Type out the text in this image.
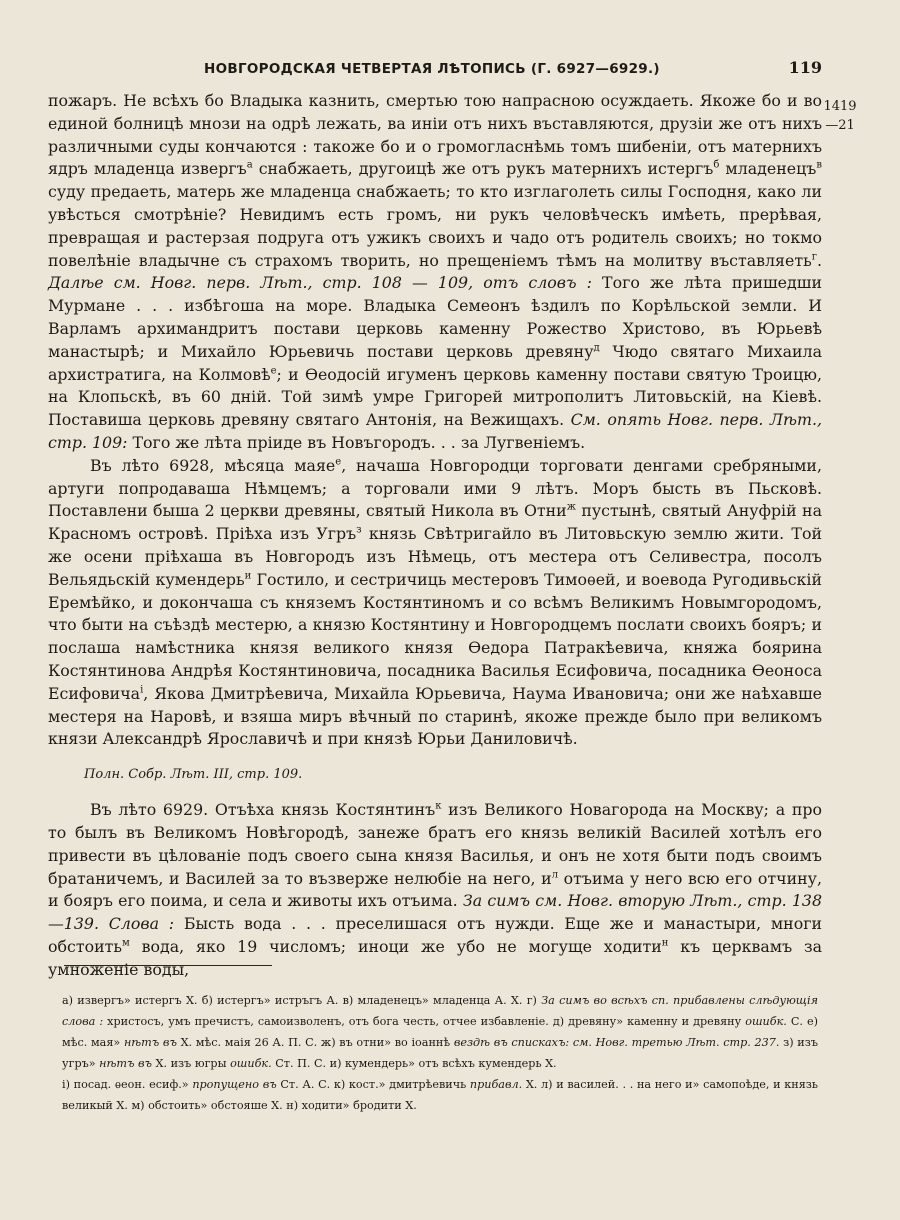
НОВГОРОДСКАЯ ЧЕТВЕРТАЯ ЛѢТОПИСЬ (Г. 6927—6929.)	119
1419
—21

пожаръ. Не всѣхъ бо Владыка казнить, смертью тою напрасною осуждаеть. Якоже бо и во единой болницѣ мнози на одрѣ лежать, ва иніи отъ нихъ въставляются, друзіи же отъ нихъ различными суды кончаются : такоже бо и о громогласнѣмь томъ шибеніи, отъ матернихъ ядръ младенца извергъ$^а$ снабжаеть, другоицѣ же отъ рукъ матернихъ истергъ$^б$ младенецъ$^в$ суду предаеть, матерь же младенца снабжаеть; то кто изглаголеть силы Господня, како ли увѣсться смотрѣніе? Невидимъ есть громъ, ни рукъ человѣческъ имѣеть, прерѣвая, превращая и растерзая подруга отъ ужикъ своихъ и чадо отъ родитель своихъ; но токмо повелѣніе владычне съ страхомъ творить, но прещеніемъ тѣмъ на молитву въставляеть$^г$. Далѣе см. Новг. перв. Лѣт., стр. 108 — 109, отъ словъ : Того же лѣта пришедши Мурмане . . . избѣгоша на море. Владыка Семеонъ ѣздилъ по Корѣльской земли. И Варламъ архимандритъ постави церковь каменну Рожество Христово, въ Юрьевѣ манастырѣ; и Михайло Юрьевичь постави церковь древяну$^д$ Чюдо святаго Михаила архистратига, на Колмовѣ$^е$; и Ѳеодосій игуменъ церковь каменну постави святую Троицю, на Клопьскѣ, въ 60 дній. Той зимѣ умре Григорей митрополитъ Литовьскій, на Кіевѣ. Поставиша церковь древяну святаго Антонія, на Вежищахъ. См. опять Новг. перв. Лѣт., стр. 109: Того же лѣта пріиде въ Новъгородъ. . . за Лугвеніемъ.

Въ лѣто 6928, мѣсяца маяе$^е$, начаша Новгородци торговати денгами сребряными, артуги попродаваша Нѣмцемъ; а торговали ими 9 лѣтъ. Моръ бысть въ Пьсковѣ. Поставлени быша 2 церкви древяны, святый Никола въ Отни$^ж$ пустынѣ, святый Ануфрій на Красномъ островѣ. Пріѣха изъ Угръ$^з$ князь Свѣтригайло въ Литовьскую землю жити. Той же осени пріѣхаша въ Новгородъ изъ Нѣмець, отъ местера отъ Селивестра, посолъ Вельядьскій кумендерь$^и$ Гостило, и сестричиць местеровъ Тимоѳей, и воевода Ругодивьскій Еремѣйко, и докончаша съ княземъ Костянтиномъ и со всѣмъ Великимъ Новымгородомъ, что быти на съѣздѣ местерю, а князю Костянтину и Новгородцемъ послати своихъ бояръ; и послаша намѣстника князя великого князя Ѳедора Патракѣевича, княжа боярина Костянтинова Андрѣя Костянтиновича, посадника Василья Есифовича, посадника Ѳеоноса Есифовича$^і$, Якова Дмитрѣевича, Михайла Юрьевича, Наума Ивановича; они же наѣхавше местеря на Наровѣ, и взяша миръ вѣчный по старинѣ, якоже прежде было при великомъ князи Александрѣ Ярославичѣ и при князѣ Юрьи Даниловичѣ.

Полн. Собр. Лѣт. III, стр. 109.

Въ лѣто 6929. Отъѣха князь Костянтинъ$^к$ изъ Великого Новагорода на Москву; а про то былъ въ Великомъ Новѣгородѣ, занеже братъ его князь великій Василей хотѣлъ его привести въ цѣлованіе подъ своего сына князя Василья, и онъ не хотя быти подъ своимъ братаничемъ, и Василей за то възверже нелюбіе на него, $и^л$ отъима у него всю его отчину, и бояръ его поима, и села и животы ихъ отъима. За симъ см. Новг. вторую Лѣт., стр. 138—139. Слова : Бысть вода . . . преселишася отъ нужди. Еще же и манастыри, многи обстоить$^м$ вода, яко 19 числомъ; иноци же убо не могуще ходити$^н$ къ церквамъ за умноженіе воды,

а) извергъ» истергъ Х. б) истергъ» истръгъ А. в) младенецъ» младенца А. Х. г) За симъ во всѣхъ сп. прибавлены слѣдующія слова : христосъ, умъ пречистъ, самоизволенъ, отъ бога честь, отчее избавленіе. д) древяну» каменну и древяну ошибк. С. е) мѣс. мая» нѣтъ въ Х. мѣс. маія 26 А. П. С. ж) въ отни» во іоаннѣ вездѣ въ спискахъ: см. Новг. третью Лѣт. стр. 237. з) изъ угръ» нѣтъ въ Х. изъ югры ошибк. Ст. П. С. и) кумендерь» отъ всѣхъ кумендерь Х.

і) посад. ѳеон. есиф.» пропущено въ Ст. А. С. к) кост.» дмитрѣевичь прибавл. Х. л) и василей. . . на него и» самопоѣде, и князь великый Х. м) обстоить» обстояше Х. н) ходити» бродити Х.
